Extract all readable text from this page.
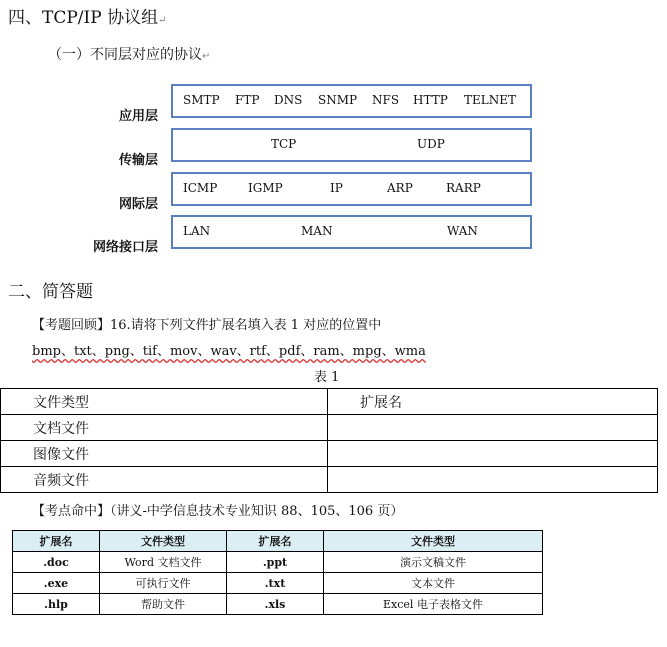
四、TCP/IP 协议组↵
（一）不同层对应的协议↵
应用层
传输层
网际层
网络接口层
SMTP FTP DNS SNMP NFS HTTP TELNET
TCP	UDP
ICMP	IGMP	IP	ARP	RARP
LAN	MAN	WAN
二、简答题
【考题回顾】16.请将下列文件扩展名填入表 1 对应的位置中
bmp、txt、png、tif、mov、wav、rtf、pdf、ram、mpg、wma
表 1
文件类型	扩展名
文档文件	
图像文件	
音频文件	
【考点命中】（讲义-中学信息技术专业知识 88、105、106 页）
扩展名	文件类型	扩展名	文件类型
.doc	Word 文档文件	.ppt	演示文稿文件
.exe	可执行文件	.txt	文本文件
.hlp	帮助文件	.xls	Excel 电子表格文件
